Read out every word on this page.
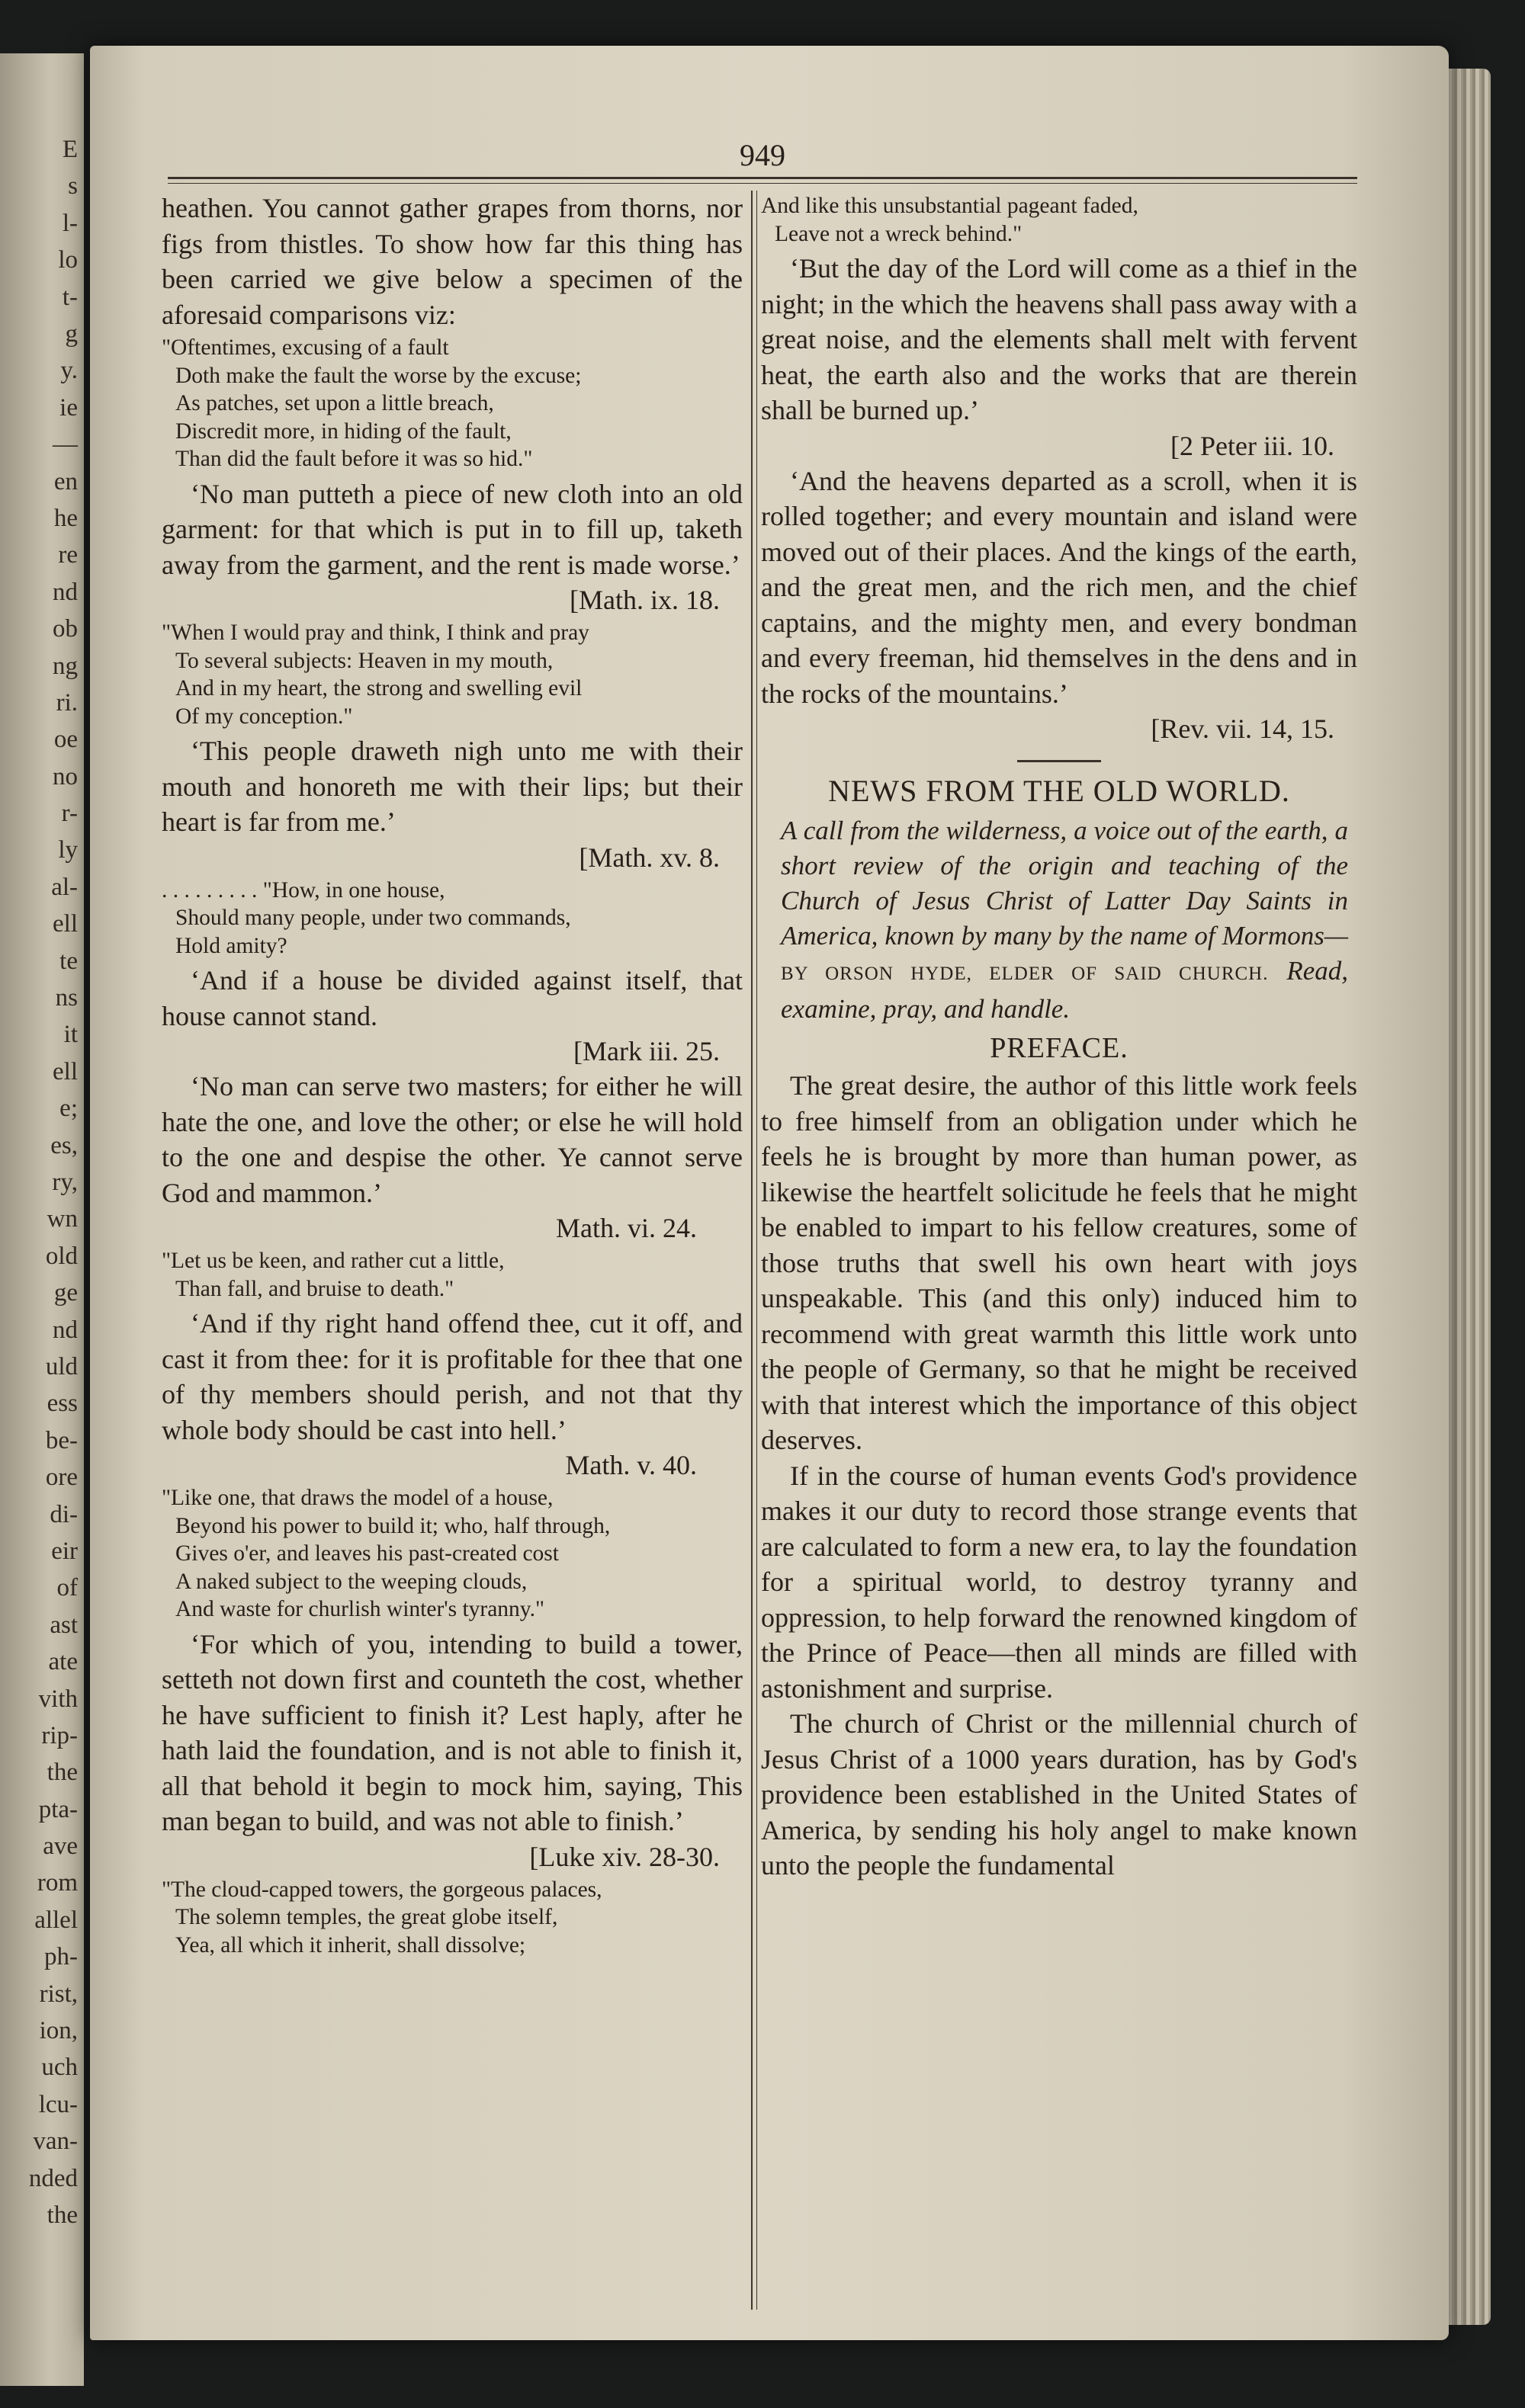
E
s
l-
lo
t-
g
y.
ie
—
en
he
re
nd
ob
ng
ri.
oe
no
r-
ly
al-
ell
te
ns
it
ell
e;
es,
ry,
wn
old
ge
nd
uld
ess
be-
ore
di-
eir
of
ast
ate
vith
rip-
the
pta-
ave
rom
allel
ph-
rist,
ion,
uch
lcu-
van-
nded
the
949

heathen. You cannot gather grapes from thorns, nor figs from thistles. To show how far this thing has been carried we give below a specimen of the aforesaid comparisons viz:

"Oftentimes, excusing of a fault
Doth make the fault the worse by the excuse;
As patches, set upon a little breach,
Discredit more, in hiding of the fault,
Than did the fault before it was so hid."

‘No man putteth a piece of new cloth into an old garment: for that which is put in to fill up, taketh away from the garment, and the rent is made worse.’

[Math. ix. 18.

"When I would pray and think, I think and pray
To several subjects: Heaven in my mouth,
And in my heart, the strong and swelling evil
Of my conception."

‘This people draweth nigh unto me with their mouth and honoreth me with their lips; but their heart is far from me.’

[Math. xv. 8.

. . . . . . . . . "How, in one house,
Should many people, under two commands,
Hold amity?

‘And if a house be divided against itself, that house cannot stand.

[Mark iii. 25.

‘No man can serve two masters; for either he will hate the one, and love the other; or else he will hold to the one and despise the other. Ye cannot serve God and mammon.’

Math. vi. 24.

"Let us be keen, and rather cut a little,
Than fall, and bruise to death."

‘And if thy right hand offend thee, cut it off, and cast it from thee: for it is profitable for thee that one of thy members should perish, and not that thy whole body should be cast into hell.’

Math. v. 40.

"Like one, that draws the model of a house,
Beyond his power to build it; who, half through,
Gives o'er, and leaves his past-created cost
A naked subject to the weeping clouds,
And waste for churlish winter's tyranny."

‘For which of you, intending to build a tower, setteth not down first and counteth the cost, whether he have sufficient to finish it? Lest haply, after he hath laid the foundation, and is not able to finish it, all that behold it begin to mock him, saying, This man began to build, and was not able to finish.’

[Luke xiv. 28-30.

"The cloud-capped towers, the gorgeous palaces,
The solemn temples, the great globe itself,
Yea, all which it inherit, shall dissolve;
And like this unsubstantial pageant faded,
Leave not a wreck behind."

‘But the day of the Lord will come as a thief in the night; in the which the heavens shall pass away with a great noise, and the elements shall melt with fervent heat, the earth also and the works that are therein shall be burned up.’

[2 Peter iii. 10.

‘And the heavens departed as a scroll, when it is rolled together; and every mountain and island were moved out of their places. And the kings of the earth, and the great men, and the rich men, and the chief captains, and the mighty men, and every bondman and every freeman, hid themselves in the dens and in the rocks of the mountains.’

[Rev. vii. 14, 15.

NEWS FROM THE OLD WORLD.

A call from the wilderness, a voice out of the earth, a short review of the origin and teaching of the Church of Jesus Christ of Latter Day Saints in America, known by many by the name of Mormons—BY ORSON HYDE, ELDER OF SAID CHURCH. Read, examine, pray, and handle.

PREFACE.

The great desire, the author of this little work feels to free himself from an obligation under which he feels he is brought by more than human power, as likewise the heartfelt solicitude he feels that he might be enabled to impart to his fellow creatures, some of those truths that swell his own heart with joys unspeakable. This (and this only) induced him to recommend with great warmth this little work unto the people of Germany, so that he might be received with that interest which the importance of this object deserves.

If in the course of human events God's providence makes it our duty to record those strange events that are calculated to form a new era, to lay the foundation for a spiritual world, to destroy tyranny and oppression, to help forward the renowned kingdom of the Prince of Peace—then all minds are filled with astonishment and surprise.

The church of Christ or the millennial church of Jesus Christ of a 1000 years duration, has by God's providence been established in the United States of America, by sending his holy angel to make known unto the people the fundamental
